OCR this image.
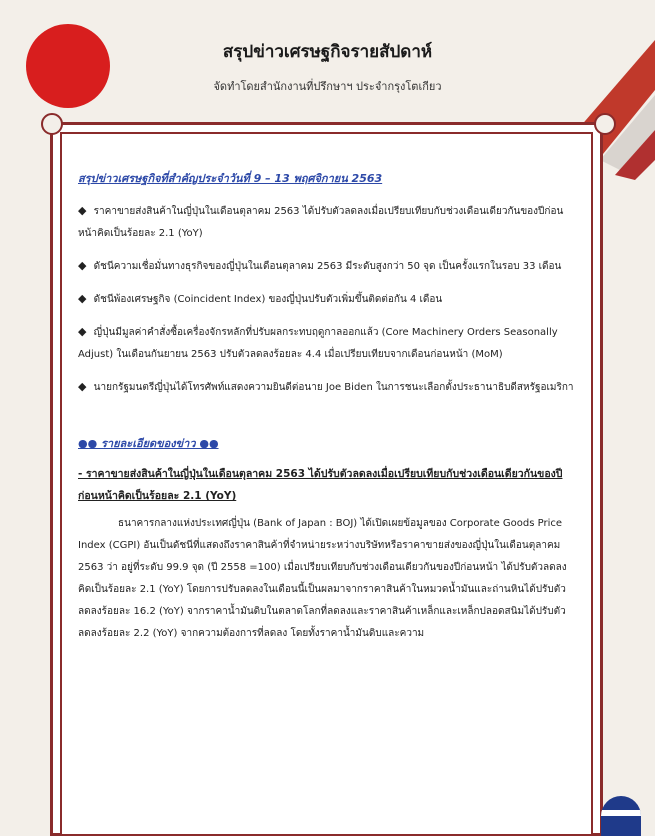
สรุปข่าวเศรษฐกิจรายสัปดาห์
จัดทำโดยสำนักงานที่ปรึกษาฯ ประจำกรุงโตเกียว
สรุปข่าวเศรษฐกิจที่สำคัญประจำวันที่ 9 – 13 พฤศจิกายน 2563
◆ ราคาขายส่งสินค้าในญี่ปุ่นในเดือนตุลาคม 2563 ได้ปรับตัวลดลงเมื่อเปรียบเทียบกับช่วงเดือนเดียวกันของปีก่อนหน้าคิดเป็นร้อยละ 2.1 (YoY)
◆ ดัชนีความเชื่อมั่นทางธุรกิจของญี่ปุ่นในเดือนตุลาคม 2563 มีระดับสูงกว่า 50 จุด เป็นครั้งแรกในรอบ 33 เดือน
◆ ดัชนีพ้องเศรษฐกิจ (Coincident Index) ของญี่ปุ่นปรับตัวเพิ่มขึ้นติดต่อกัน 4 เดือน
◆ ญี่ปุ่นมีมูลค่าคำสั่งซื้อเครื่องจักรหลักที่ปรับผลกระทบฤดูกาลออกแล้ว (Core Machinery Orders Seasonally Adjust) ในเดือนกันยายน 2563 ปรับตัวลดลงร้อยละ 4.4 เมื่อเปรียบเทียบจากเดือนก่อนหน้า (MoM)
◆ นายกรัฐมนตรีญี่ปุ่นได้โทรศัพท์แสดงความยินดีต่อนาย Joe Biden ในการชนะเลือกตั้งประธานาธิบดีสหรัฐอเมริกา
●● รายละเอียดของข่าว ●●
- ราคาขายส่งสินค้าในญี่ปุ่นในเดือนตุลาคม 2563 ได้ปรับตัวลดลงเมื่อเปรียบเทียบกับช่วงเดือนเดียวกันของปีก่อนหน้าคิดเป็นร้อยละ 2.1 (YoY)
ธนาคารกลางแห่งประเทศญี่ปุ่น (Bank of Japan : BOJ) ได้เปิดเผยข้อมูลของ Corporate Goods Price Index (CGPI) อันเป็นดัชนีที่แสดงถึงราคาสินค้าที่จำหน่ายระหว่างบริษัทหรือราคาขายส่งของญี่ปุ่นในเดือนตุลาคม 2563 ว่า อยู่ที่ระดับ 99.9 จุด (ปี 2558 =100) เมื่อเปรียบเทียบกับช่วงเดือนเดียวกันของปีก่อนหน้า ได้ปรับตัวลดลงคิดเป็นร้อยละ 2.1 (YoY) โดยการปรับลดลงในเดือนนี้เป็นผลมาจากราคาสินค้าในหมวดน้ำมันและถ่านหินได้ปรับตัวลดลงร้อยละ 16.2 (YoY) จากราคาน้ำมันดิบในตลาดโลกที่ลดลงและราคาสินค้าเหล็กและเหล็กปลอดสนิมได้ปรับตัวลดลงร้อยละ 2.2 (YoY) จากความต้องการที่ลดลง โดยทั้งราคาน้ำมันดิบและความ
